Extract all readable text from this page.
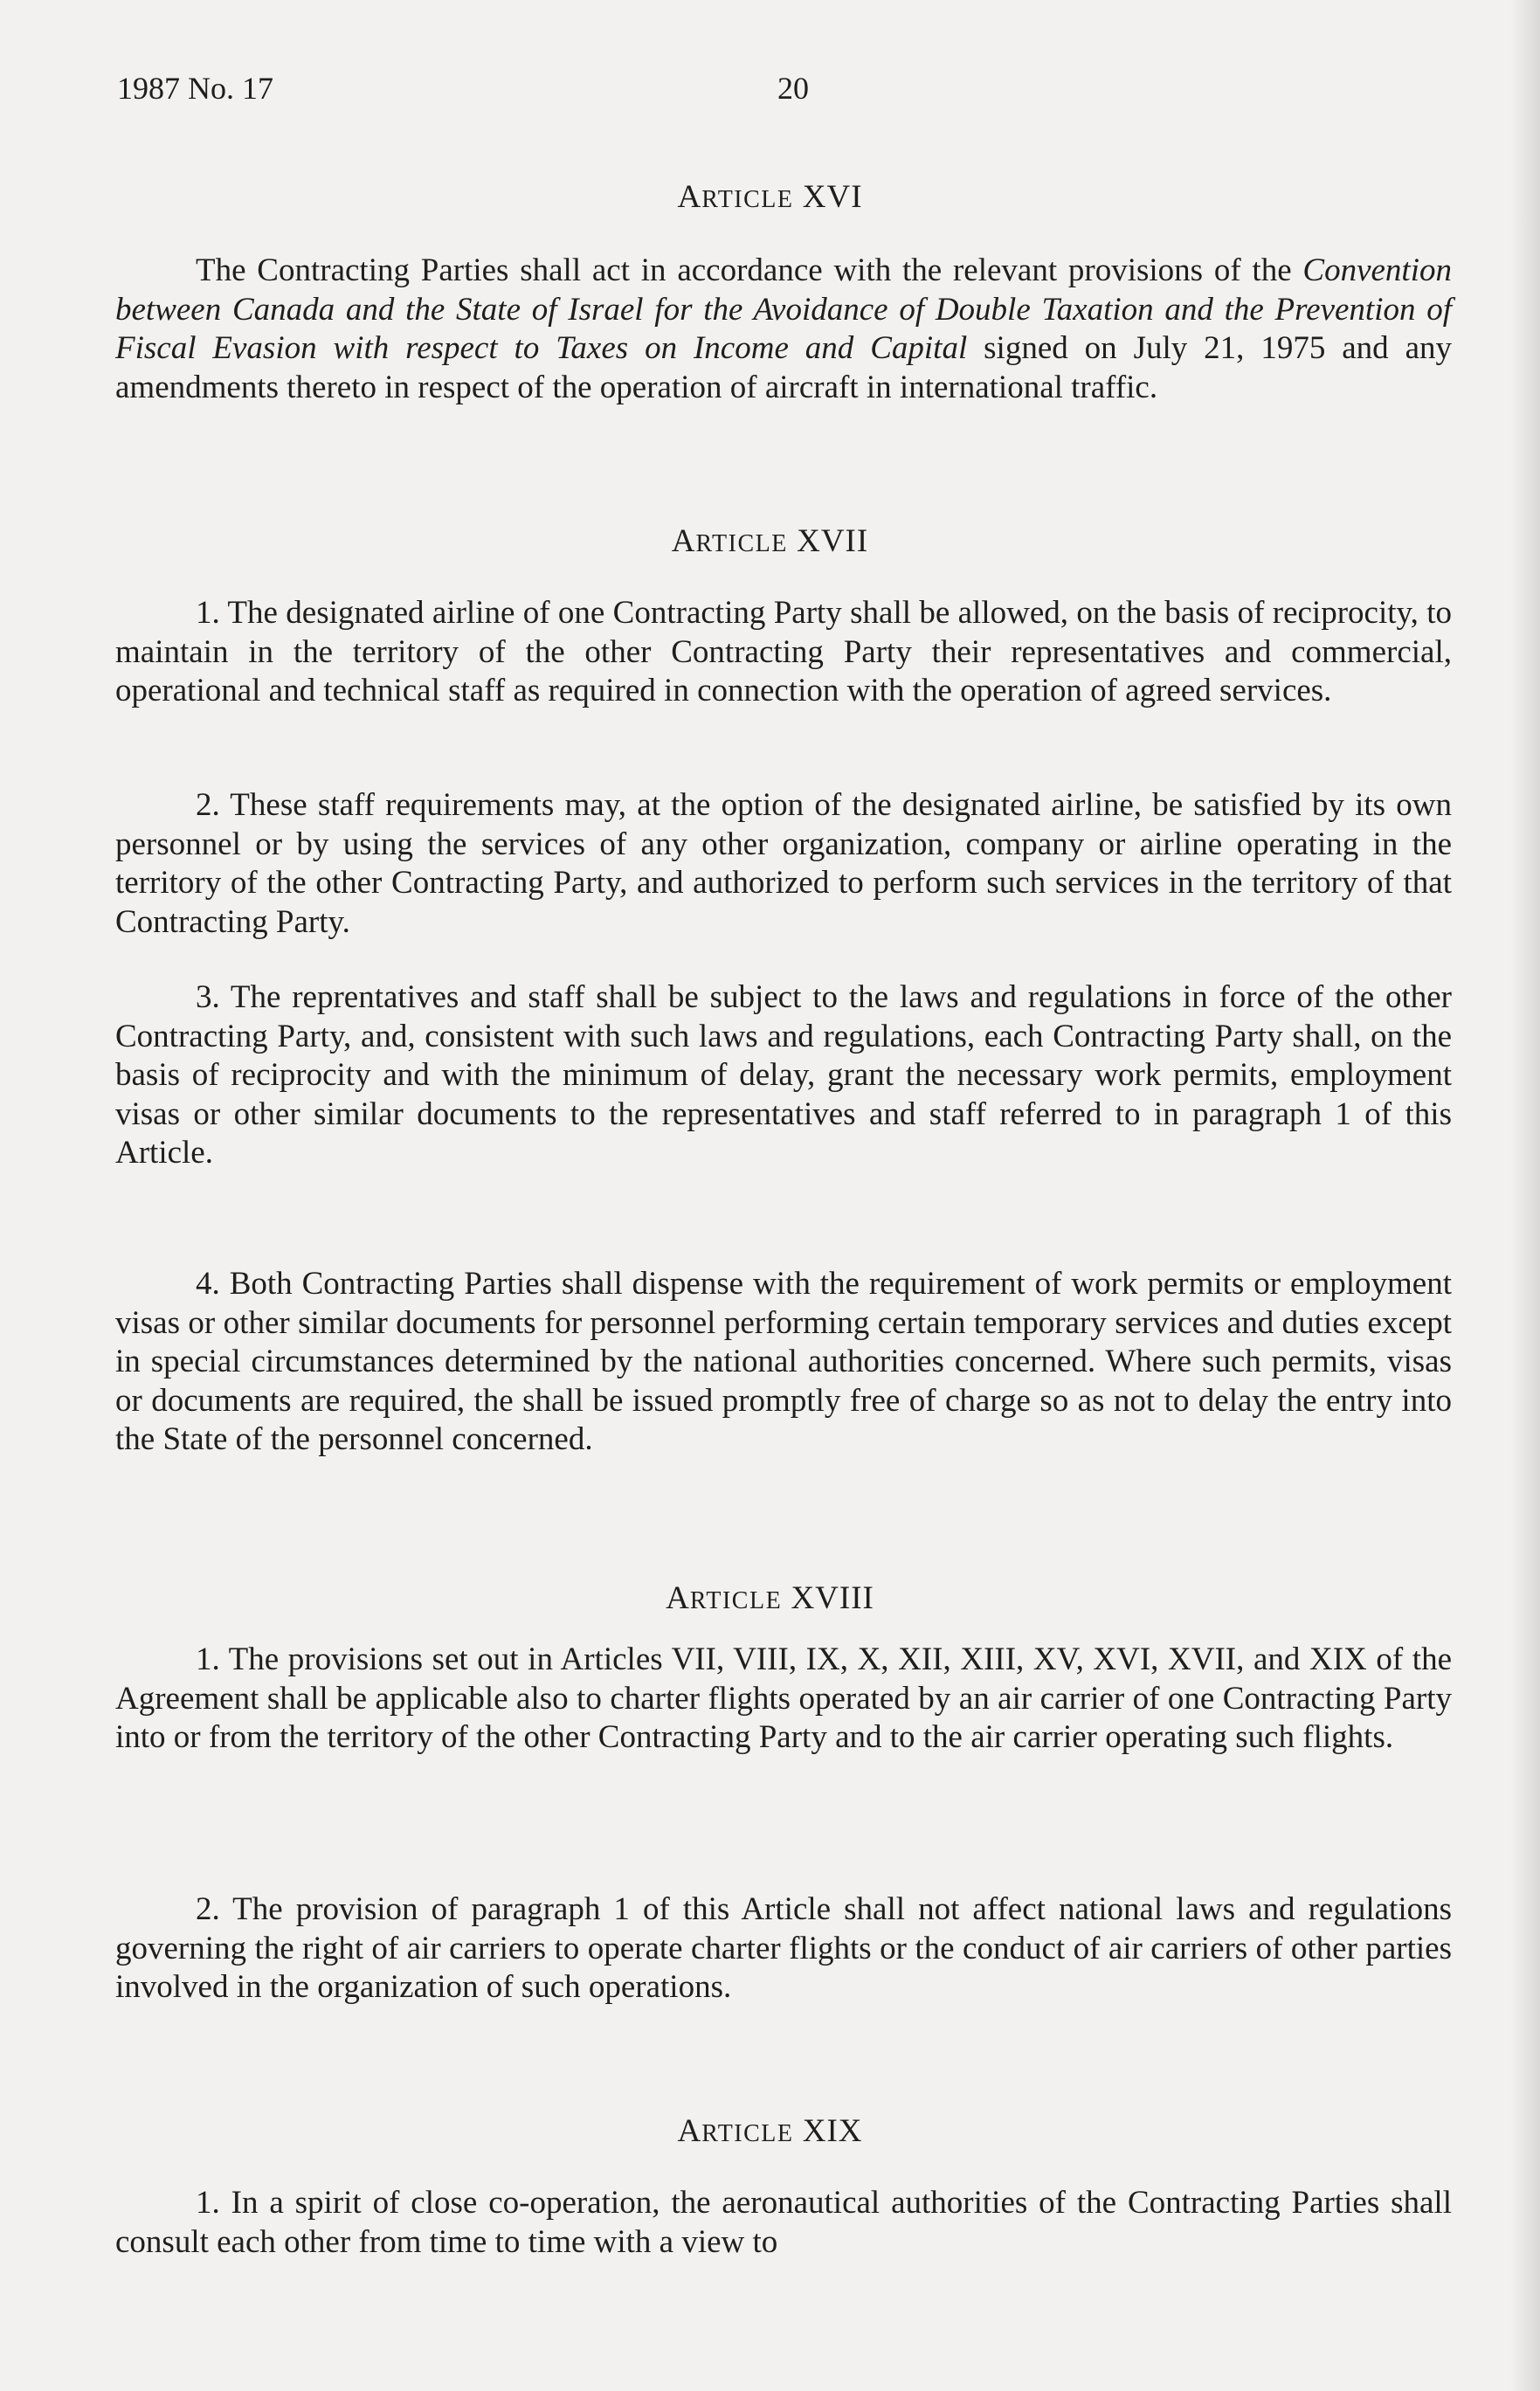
1987 No. 17	20
ARTICLE XVI
The Contracting Parties shall act in accordance with the relevant provisions of the Convention between Canada and the State of Israel for the Avoidance of Double Taxation and the Prevention of Fiscal Evasion with respect to Taxes on Income and Capital signed on July 21, 1975 and any amendments thereto in respect of the operation of aircraft in international traffic.
ARTICLE XVII
1. The designated airline of one Contracting Party shall be allowed, on the basis of reciprocity, to maintain in the territory of the other Contracting Party their representatives and commercial, operational and technical staff as required in connection with the operation of agreed services.
2. These staff requirements may, at the option of the designated airline, be satisfied by its own personnel or by using the services of any other organization, company or airline operating in the territory of the other Contracting Party, and authorized to perform such services in the territory of that Contracting Party.
3. The reprentatives and staff shall be subject to the laws and regulations in force of the other Contracting Party, and, consistent with such laws and regulations, each Contracting Party shall, on the basis of reciprocity and with the minimum of delay, grant the necessary work permits, employment visas or other similar documents to the representatives and staff referred to in paragraph 1 of this Article.
4. Both Contracting Parties shall dispense with the requirement of work permits or employment visas or other similar documents for personnel performing certain temporary services and duties except in special circumstances determined by the national authorities concerned. Where such permits, visas or documents are required, the shall be issued promptly free of charge so as not to delay the entry into the State of the personnel concerned.
ARTICLE XVIII
1. The provisions set out in Articles VII, VIII, IX, X, XII, XIII, XV, XVI, XVII, and XIX of the Agreement shall be applicable also to charter flights operated by an air carrier of one Contracting Party into or from the territory of the other Contracting Party and to the air carrier operating such flights.
2. The provision of paragraph 1 of this Article shall not affect national laws and regulations governing the right of air carriers to operate charter flights or the conduct of air carriers of other parties involved in the organization of such operations.
ARTICLE XIX
1. In a spirit of close co-operation, the aeronautical authorities of the Contracting Parties shall consult each other from time to time with a view to
